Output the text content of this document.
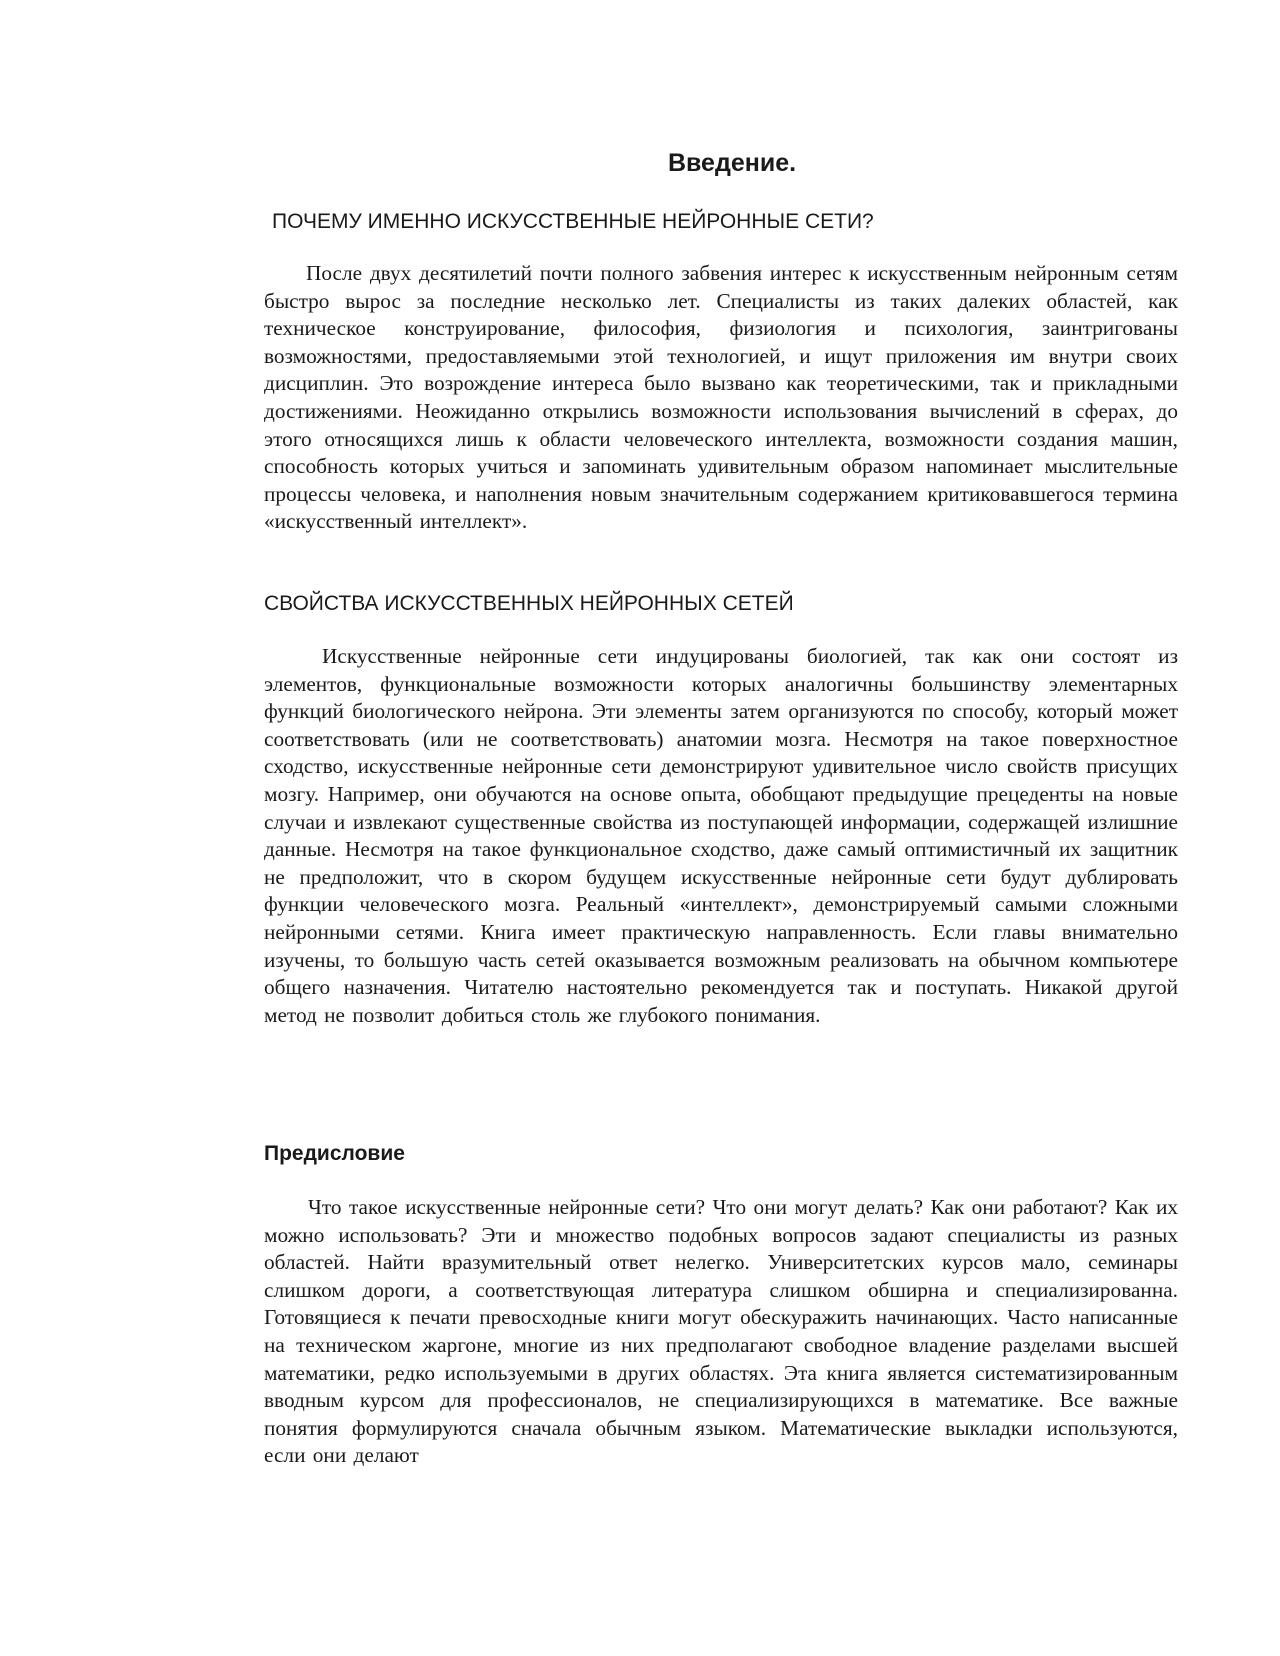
Введение.
ПОЧЕМУ ИМЕННО ИСКУССТВЕННЫЕ НЕЙРОННЫЕ СЕТИ?

После двух десятилетий почти полного забвения интерес к искусственным нейронным сетям быстро вырос за последние несколько лет. Специалисты из таких далеких областей, как техническое конструирование, философия, физиология и психология, заинтригованы возможностями, предоставляемыми этой технологией, и ищут приложения им внутри своих дисциплин. Это возрождение интереса было вызвано как теоретическими, так и прикладными достижениями. Неожиданно открылись возможности использования вычислений в сферах, до этого относящихся лишь к области человеческого интеллекта, возможности создания машин, способность которых учиться и запоминать удивительным образом напоминает мыслительные процессы человека, и наполнения новым значительным содержанием критиковавшегося термина «искусственный интеллект».

СВОЙСТВА ИСКУССТВЕННЫХ НЕЙРОННЫХ СЕТЕЙ

Искусственные нейронные сети индуцированы биологией, так как они состоят из элементов, функциональные возможности которых аналогичны большинству элементарных функций биологического нейрона. Эти элементы затем организуются по способу, который может соответствовать (или не соответствовать) анатомии мозга. Несмотря на такое поверхностное сходство, искусственные нейронные сети демонстрируют удивительное число свойств присущих мозгу. Например, они обучаются на основе опыта, обобщают предыдущие прецеденты на новые случаи и извлекают существенные свойства из поступающей информации, содержащей излишние данные. Несмотря на такое функциональное сходство, даже самый оптимистичный их защитник не предположит, что в скором будущем искусственные нейронные сети будут дублировать функции человеческого мозга. Реальный «интеллект», демонстрируемый самыми сложными нейронными сетями. Книга имеет практическую направленность. Если главы внимательно изучены, то большую часть сетей оказывается возможным реализовать на обычном компьютере общего назначения. Читателю настоятельно рекомендуется так и поступать. Никакой другой метод не позволит добиться столь же глубокого понимания.

Предисловие

Что такое искусственные нейронные сети? Что они могут делать? Как они работают? Как их можно использовать? Эти и множество подобных вопросов задают специалисты из разных областей. Найти вразумительный ответ нелегко. Университетских курсов мало, семинары слишком дороги, а соответствующая литература слишком обширна и специализированна. Готовящиеся к печати превосходные книги могут обескуражить начинающих. Часто написанные на техническом жаргоне, многие из них предполагают свободное владение разделами высшей математики, редко используемыми в других областях. Эта книга является систематизированным вводным курсом для профессионалов, не специализирующихся в математике. Все важные понятия формулируются сначала обычным языком. Математические выкладки используются, если они делают
